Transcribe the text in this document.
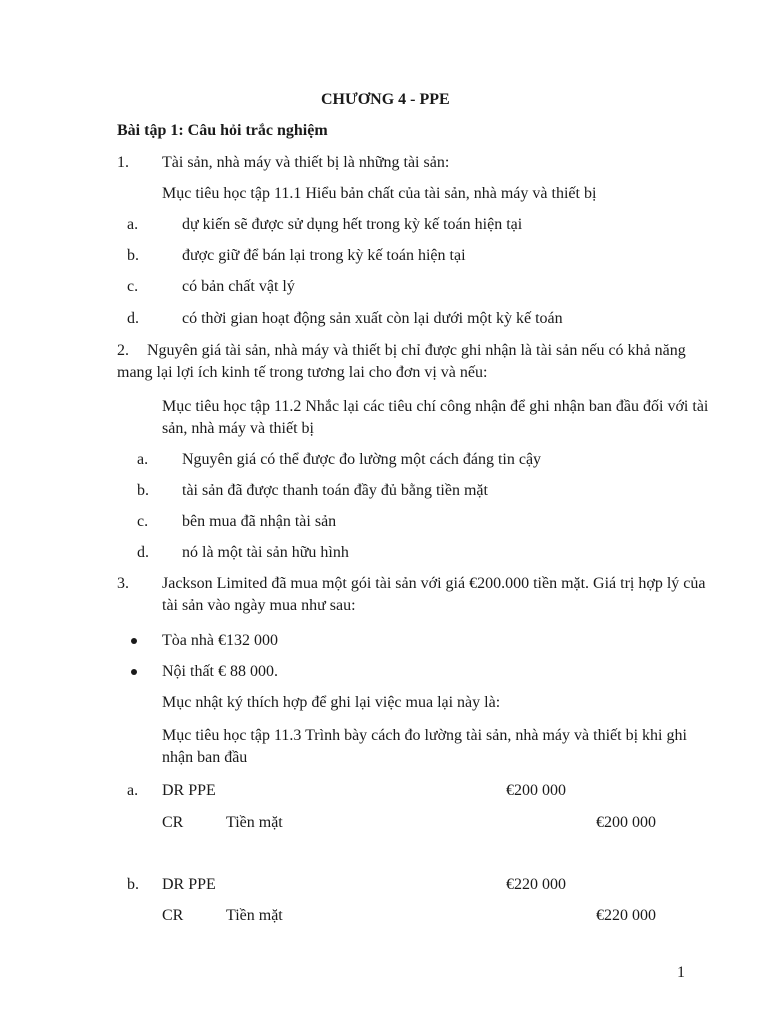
CHƯƠNG 4 - PPE
Bài tập 1: Câu hỏi trắc nghiệm
1. Tài sản, nhà máy và thiết bị là những tài sản:
Mục tiêu học tập 11.1 Hiểu bản chất của tài sản, nhà máy và thiết bị
a.	dự kiến sẽ được sử dụng hết trong kỳ kế toán hiện tại
b.	được giữ để bán lại trong kỳ kế toán hiện tại
c.	có bản chất vật lý
d.	có thời gian hoạt động sản xuất còn lại dưới một kỳ kế toán
2. Nguyên giá tài sản, nhà máy và thiết bị chỉ được ghi nhận là tài sản nếu có khả năng
mang lại lợi ích kinh tế trong tương lai cho đơn vị và nếu:
Mục tiêu học tập 11.2 Nhắc lại các tiêu chí công nhận để ghi nhận ban đầu đối với tài
sản, nhà máy và thiết bị
a. Nguyên giá có thể được đo lường một cách đáng tin cậy
b. tài sản đã được thanh toán đầy đủ bằng tiền mặt
c. bên mua đã nhận tài sản
d. nó là một tài sản hữu hình
3. Jackson Limited đã mua một gói tài sản với giá €200.000 tiền mặt. Giá trị hợp lý của
tài sản vào ngày mua như sau:
Tòa nhà €132 000
Nội thất € 88 000.
Mục nhật ký thích hợp để ghi lại việc mua lại này là:
Mục tiêu học tập 11.3 Trình bày cách đo lường tài sản, nhà máy và thiết bị khi ghi
nhận ban đầu
a. DR PPE	€200 000
CR	Tiền mặt	€200 000
b. DR PPE	€220 000
CR	Tiền mặt	€220 000
1
